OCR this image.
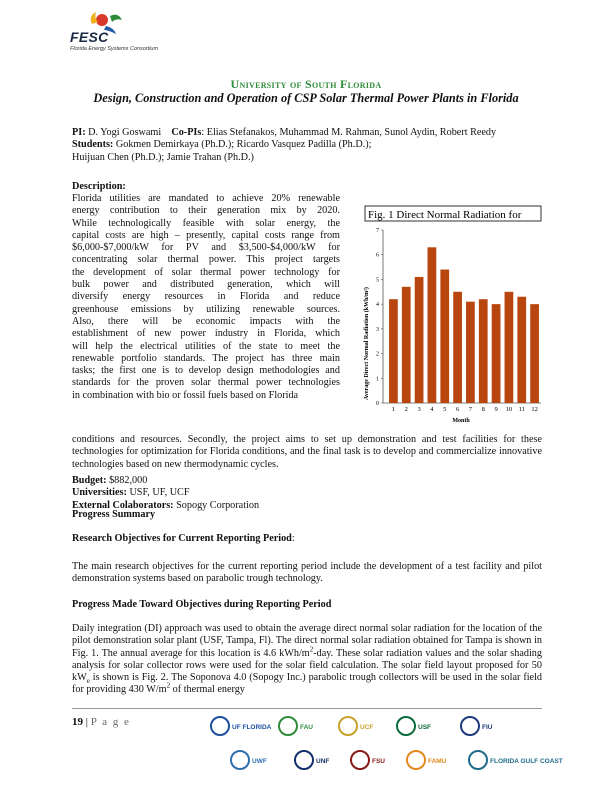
FESC
Florida Energy Systems Consortium
University of South Florida
Design, Construction and Operation of CSP Solar Thermal Power Plants in Florida

PI: D. Yogi Goswami Co-PIs: Elias Stefanakos, Muhammad M. Rahman, Sunol Aydin, Robert Reedy

Students: Gokmen Demirkaya (Ph.D.); Ricardo Vasquez Padilla (Ph.D.);

Huijuan Chen (Ph.D.); Jamie Trahan (Ph.D.)

Description:
Florida utilities are mandated to achieve 20% renewable
energy contribution to their generation mix by 2020.
While technologically feasible with solar energy, the
capital costs are high – presently, capital costs range from
$6,000-$7,000/kW for PV and $3,500-$4,000/kW for
concentrating solar thermal power. This project targets
the development of solar thermal power technology for
bulk power and distributed generation, which will
diversify energy resources in Florida and reduce
greenhouse emissions by utilizing renewable sources.
Also, there will be economic impacts with the
establishment of new power industry in Florida, which
will help the electrical utilities of the state to meet the
renewable portfolio standards. The project has three main
tasks; the first one is to develop design methodologies and
standards for the proven solar thermal power technologies
in combination with bio or fossil fuels based on Florida
Fig. 1 Direct Normal Radiation for
Average Direct Normal Radiation (kWh/m²)
Month
0
1
2
3
4
5
6
7
1 2 3 4 5 6 7 8 9 10 11 12
conditions and resources. Secondly, the project aims to set up demonstration and test facilities for these technologies for optimization for Florida conditions, and the final task is to develop and commercialize innovative technologies based on new thermodynamic cycles.

Budget: $882,000

Universities: USF, UF, UCF

External Colaborators: Sopogy Corporation

Progress Summary
Research Objectives for Current Reporting Period:
The main research objectives for the current reporting period include the development of a test facility and pilot demonstration systems based on parabolic trough technology.
Progress Made Toward Objectives during Reporting Period
Daily integration (DI) approach was used to obtain the average direct normal solar radiation for the location of the pilot demonstration solar plant (USF, Tampa, Fl). The direct normal solar radiation obtained for Tampa is shown in Fig. 1. The annual average for this location is 4.6 kWh/$m^2$-day. These solar radiation values and the solar shading analysis for solar collector rows were used for the solar field calculation. The solar field layout proposed for 50 $kW_e$ is shown is Fig. 2. The Soponova 4.0 (Sopogy Inc.) parabolic trough collectors will be used in the solar field for providing 430 $W/m^2$ of thermal energy
19 | P a g e	UF FLORIDA	FAU	UCF	USF	FIU
UWF	UNF	FSU	FAMU	FLORIDA GULF COAST
